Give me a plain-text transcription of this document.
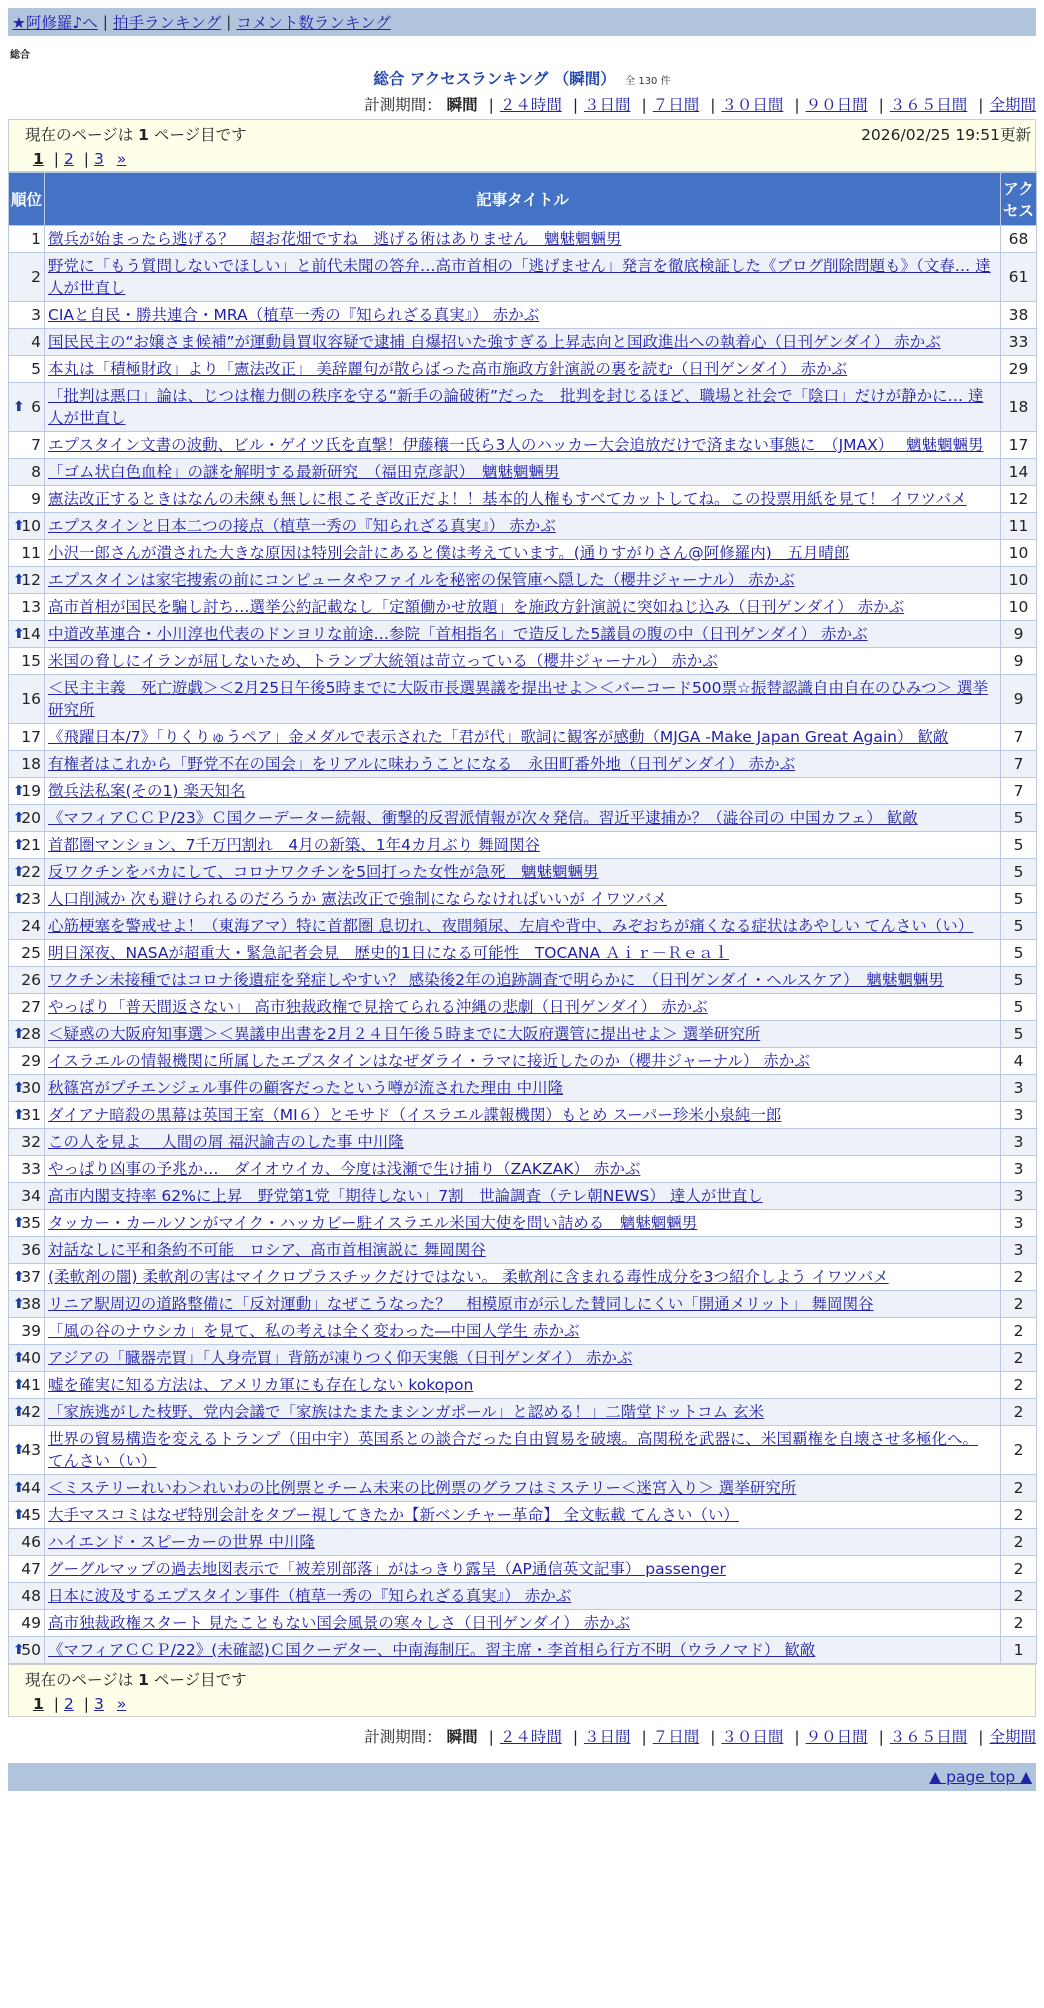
★阿修羅♪へ | 拍手ランキング | コメント数ランキング
総合
総合 アクセスランキング （瞬間） 全 130 件
計測期間： 瞬間 | ２４時間 | ３日間 | ７日間 | ３０日間 | ９０日間 | ３６５日間 | 全期間
現在のページは 1 ページ目です	2026/02/25 19:51更新
1 | 2 | 3 »
順位	記事タイトル	アクセス
1	徴兵が始まったら逃げる？　超お花畑ですね　逃げる術はありません　魑魅魍魎男	68
2	野党に「もう質問しないでほしい」と前代未聞の答弁…高市首相の「逃げません」発言を徹底検証した《ブログ削除問題も》（文春… 達人が世直し	61
3	CIAと自民・勝共連合・MRA（植草一秀の『知られざる真実』） 赤かぶ	38
4	国民民主の“お嬢さま候補”が運動員買収容疑で逮捕 自爆招いた強すぎる上昇志向と国政進出への執着心（日刊ゲンダイ） 赤かぶ	33
5	本丸は「積極財政」より「憲法改正」 美辞麗句が散らばった高市施政方針演説の裏を読む（日刊ゲンダイ） 赤かぶ	29

⬆ 6	「批判は悪口」論は、じつは権力側の秩序を守る“新手の論破術”だった　批判を封じるほど、職場と社会で「陰口」だけが静かに… 達人が世直し	18
7	エプスタイン文書の波動、ビル・ゲイツ氏を直撃！伊藤穰一氏ら3人のハッカー大会追放だけで済まない事態に　（JMAX）　 魑魅魍魎男	17
8	「ゴム状白色血栓」の謎を解明する最新研究　（福田克彦訳）　魑魅魍魎男	14
9	憲法改正するときはなんの未練も無しに根こそぎ改正だよ！！基本的人権もすべてカットしてね。この投票用紙を見て！ イワツバメ	12

⬆
10	エプスタインと日本二つの接点（植草一秀の『知られざる真実』） 赤かぶ	11
11	小沢一郎さんが潰された大きな原因は特別会計にあると僕は考えています。(通りすがりさん@阿修羅内)　五月晴郎	10

⬆
12	エプスタインは家宅捜索の前にコンピュータやファイルを秘密の保管庫へ隠した（櫻井ジャーナル） 赤かぶ	10
13	高市首相が国民を騙し討ち…選挙公約記載なし「定額働かせ放題」を施政方針演説に突如ねじ込み（日刊ゲンダイ） 赤かぶ	10

⬆
14	中道改革連合・小川淳也代表のドンヨリな前途…参院「首相指名」で造反した5議員の腹の中（日刊ゲンダイ） 赤かぶ	9
15	米国の脅しにイランが屈しないため、トランプ大統領は苛立っている（櫻井ジャーナル） 赤かぶ	9
16	＜民主主義　死亡遊戯＞＜2月25日午後5時までに大阪市長選異議を提出せよ＞＜バーコード500票☆振替認識自由自在のひみつ＞ 選挙研究所	9
17	《飛躍日本/7》「りくりゅうペア」金メダルで表示された「君が代」歌詞に観客が感動（MJGA -Make Japan Great Again） 歓敵	7
18	有権者はこれから「野党不在の国会」をリアルに味わうことになる　永田町番外地（日刊ゲンダイ） 赤かぶ	7

⬆
19	徴兵法私案(その1) 楽天知名	7

⬆
20	《マフィアＣＣＰ/23》Ｃ国クーデーター続報、衝撃的反習派情報が次々発信。習近平逮捕か？（澁谷司の 中国カフェ） 歓敵	5

⬆
21	首都圏マンション、7千万円割れ　4月の新築、1年4カ月ぶり 舞岡関谷	5

⬆
22	反ワクチンをバカにして、コロナワクチンを5回打った女性が急死　魑魅魍魎男	5

⬆
23	人口削減か 次も避けられるのだろうか 憲法改正で強制にならなければいいが イワツバメ	5
24	心筋梗塞を警戒せよ！（東海アマ）特に首都圏 息切れ、夜間頻尿、左肩や背中、みぞおちが痛くなる症状はあやしい てんさい（い）	5
25	明日深夜、NASAが超重大・緊急記者会見　歴史的1日になる可能性　TOCANA Ａｉｒ－Ｒｅａｌ	5
26	ワクチン未接種ではコロナ後遺症を発症しやすい？ 感染後2年の追跡調査で明らかに　（日刊ゲンダイ・ヘルスケア）　魑魅魍魎男	5
27	やっぱり「普天間返さない」 高市独裁政権で見捨てられる沖縄の悲劇（日刊ゲンダイ） 赤かぶ	5

⬆
28	＜疑惑の大阪府知事選＞＜異議申出書を2月２４日午後５時までに大阪府選管に提出せよ＞ 選挙研究所	5
29	イスラエルの情報機関に所属したエプスタインはなぜダライ・ラマに接近したのか（櫻井ジャーナル） 赤かぶ	4

⬆
30	秋篠宮がプチエンジェル事件の顧客だったという噂が流された理由 中川隆	3

⬆
31	ダイアナ暗殺の黒幕は英国王室（MI６）とモサド（イスラエル諜報機関）もとめ スーパー珍米小泉純一郎	3
32	この人を見よ ＿人間の屑 福沢諭吉のした事 中川隆	3
33	やっぱり凶事の予兆か…　ダイオウイカ、今度は浅瀬で生け捕り（ZAKZAK） 赤かぶ	3
34	高市内閣支持率 62%に上昇　野党第1党「期待しない」7割　世論調査（テレ朝NEWS） 達人が世直し	3

⬆
35	タッカー・カールソンがマイク・ハッカビー駐イスラエル米国大使を問い詰める　魑魅魍魎男	3
36	対話なしに平和条約不可能　ロシア、高市首相演説に 舞岡関谷	3

⬆
37	(柔軟剤の闇) 柔軟剤の害はマイクロプラスチックだけではない。 柔軟剤に含まれる毒性成分を3つ紹介しよう イワツバメ	2

⬆
38	リニア駅周辺の道路整備に「反対運動」なぜこうなった？　相模原市が示した賛同しにくい「開通メリット」 舞岡関谷	2
39	「風の谷のナウシカ」を見て、私の考えは全く変わった―中国人学生 赤かぶ	2

⬆
40	アジアの「臓器売買」「人身売買」背筋が凍りつく仰天実態（日刊ゲンダイ） 赤かぶ	2

⬆
41	嘘を確実に知る方法は、アメリカ軍にも存在しない kokopon	2

⬆
42	「家族逃がした枝野、党内会議で「家族はたまたまシンガポール」と認める！」二階堂ドットコム 玄米	2

⬆
43	世界の貿易構造を変えるトランプ（田中宇）英国系との談合だった自由貿易を破壊。高関税を武器に、米国覇権を自壊させ多極化へ。 てんさい（い）	2

⬆
44	＜ミステリーれいわ＞れいわの比例票とチーム未来の比例票のグラフはミステリー＜迷宮入り＞ 選挙研究所	2

⬆
45	大手マスコミはなぜ特別会計をタブー視してきたか【新ベンチャー革命】 全文転載 てんさい（い）	2
46	ハイエンド・スピーカーの世界 中川隆	2
47	グーグルマップの過去地図表示で「被差別部落」がはっきり露呈（AP通信英文記事） passenger	2
48	日本に波及するエプスタイン事件（植草一秀の『知られざる真実』） 赤かぶ	2
49	高市独裁政権スタート 見たこともない国会風景の寒々しさ（日刊ゲンダイ） 赤かぶ	2

⬆
50	《マフィアＣＣＰ/22》(未確認)Ｃ国クーデター、中南海制圧。習主席・李首相ら行方不明（ウラノマド） 歓敵	1
現在のページは 1 ページ目です
1 | 2 | 3 »
計測期間： 瞬間 | ２４時間 | ３日間 | ７日間 | ３０日間 | ９０日間 | ３６５日間 | 全期間
▲ page top ▲
